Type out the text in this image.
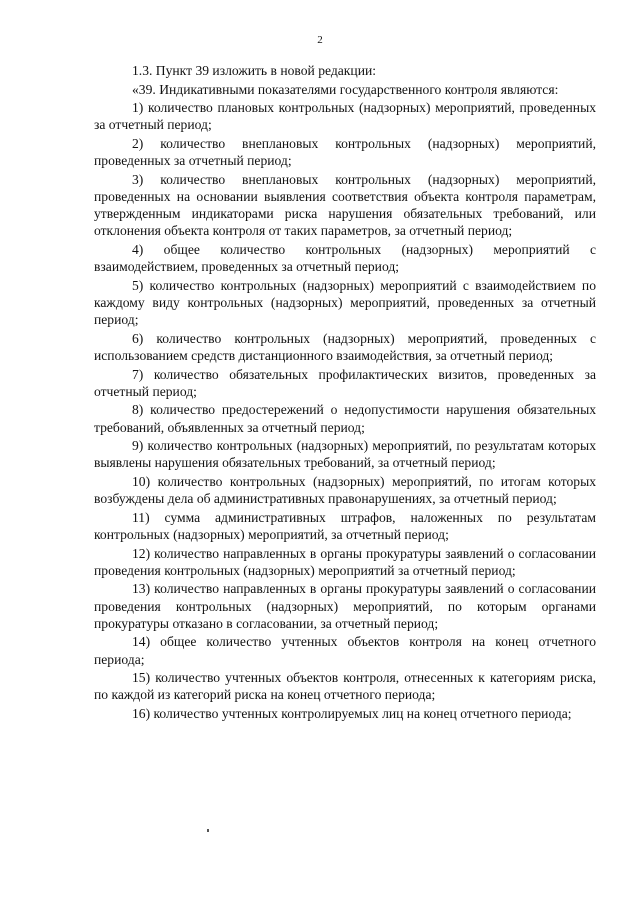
2

1.3. Пункт 39 изложить в новой редакции:

«39. Индикативными показателями государственного контроля являются:

1) количество плановых контрольных (надзорных) мероприятий, проведенных за отчетный период;

2) количество внеплановых контрольных (надзорных) мероприятий, проведенных за отчетный период;

3) количество внеплановых контрольных (надзорных) мероприятий, проведенных на основании выявления соответствия объекта контроля параметрам, утвержденным индикаторами риска нарушения обязательных требований, или отклонения объекта контроля от таких параметров, за отчетный период;

4) общее количество контрольных (надзорных) мероприятий с взаимодействием, проведенных за отчетный период;

5) количество контрольных (надзорных) мероприятий с взаимодействием по каждому виду контрольных (надзорных) мероприятий, проведенных за отчетный период;

6) количество контрольных (надзорных) мероприятий, проведенных с использованием средств дистанционного взаимодействия, за отчетный период;

7) количество обязательных профилактических визитов, проведенных за отчетный период;

8) количество предостережений о недопустимости нарушения обязательных требований, объявленных за отчетный период;

9) количество контрольных (надзорных) мероприятий, по результатам которых выявлены нарушения обязательных требований, за отчетный период;

10) количество контрольных (надзорных) мероприятий, по итогам которых возбуждены дела об административных правонарушениях, за отчетный период;

11) сумма административных штрафов, наложенных по результатам контрольных (надзорных) мероприятий, за отчетный период;

12) количество направленных в органы прокуратуры заявлений о согласовании проведения контрольных (надзорных) мероприятий за отчетный период;

13) количество направленных в органы прокуратуры заявлений о согласовании проведения контрольных (надзорных) мероприятий, по которым органами прокуратуры отказано в согласовании, за отчетный период;

14) общее количество учтенных объектов контроля на конец отчетного периода;

15) количество учтенных объектов контроля, отнесенных к категориям риска, по каждой из категорий риска на конец отчетного периода;

16) количество учтенных контролируемых лиц на конец отчетного периода;
